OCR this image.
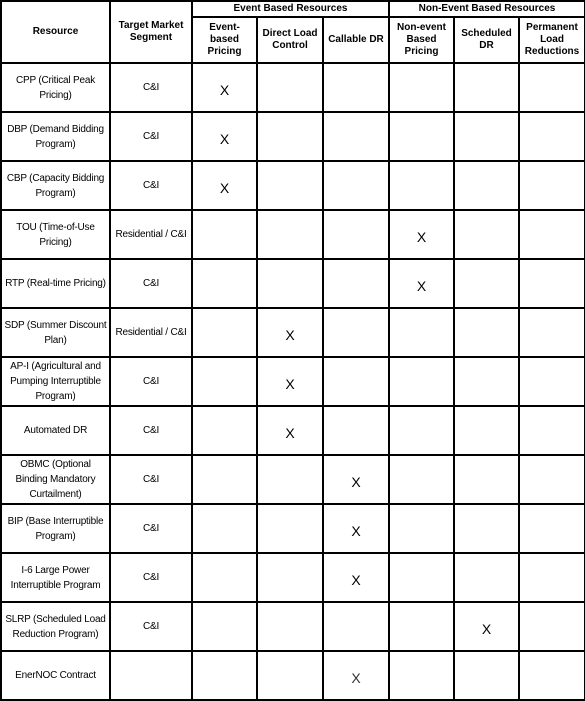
Resource	Target Market Segment	Event Based Resources			Non-Event Based Resources		
		Event-based Pricing	Direct Load Control	Callable DR	Non-event Based Pricing	Scheduled DR	Permanent Load Reductions
CPP (Critical Peak Pricing)	C&I	X					
DBP (Demand Bidding Program)	C&I	X					
CBP (Capacity Bidding Program)	C&I	X					
TOU (Time-of-Use Pricing)	Residential / C&I				X		
RTP (Real-time Pricing)	C&I				X		
SDP (Summer Discount Plan)	Residential / C&I		X				
AP-I (Agricultural and Pumping Interruptible Program)	C&I		X				
Automated DR	C&I		X				
OBMC (Optional Binding Mandatory Curtailment)	C&I			X			
BIP (Base Interruptible Program)	C&I			X			
I-6 Large Power Interruptible Program	C&I			X			
SLRP (Scheduled Load Reduction Program)	C&I					X	
EnerNOC Contract				X			
